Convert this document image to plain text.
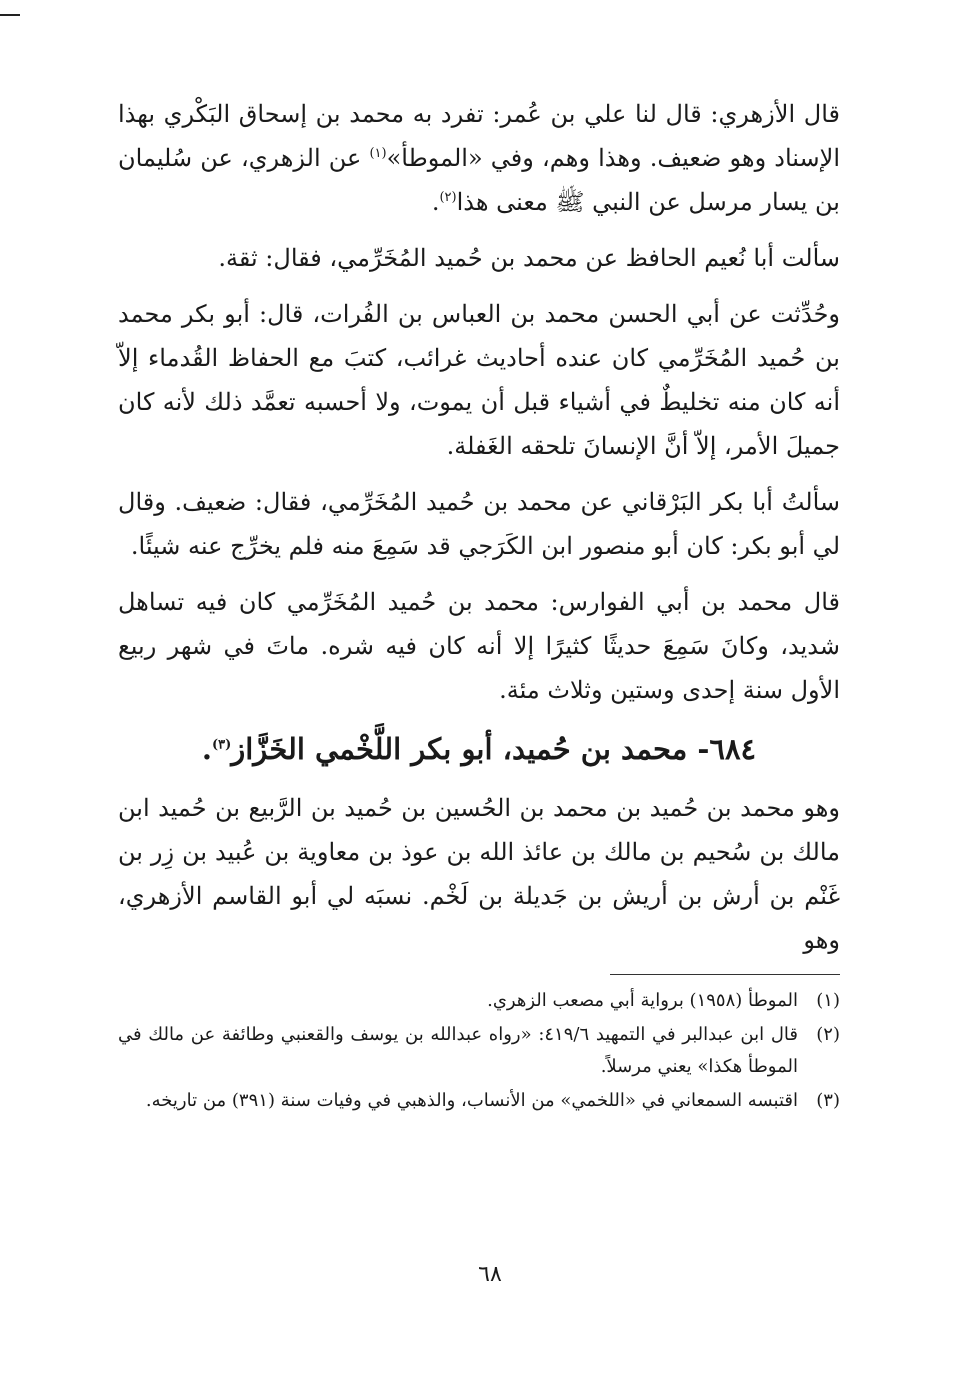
قال الأزهري: قال لنا علي بن عُمر: تفرد به محمد بن إسحاق البَكْري بهذا الإسناد وهو ضعيف. وهذا وهم، وفي «الموطأ»$^{(١)}$ عن الزهري، عن سُليمان بن يسار مرسل عن النبي ﷺ معنى هذا$^{(٢)}$.

سألت أبا نُعيم الحافظ عن محمد بن حُميد المُخَرِّمي، فقال: ثقة.

وحُدِّثت عن أبي الحسن محمد بن العباس بن الفُرات، قال: أبو بكر محمد بن حُميد المُخَرِّمي كان عنده أحاديث غرائب، كتبَ مع الحفاظ القُدماء إلاّ أنه كان منه تخليطٌ في أشياء قبل أن يموت، ولا أحسبه تعمَّد ذلك لأنه كان جميلَ الأمر، إلاّ أنَّ الإنسانَ تلحقه الغَفلة.

سألتُ أبا بكر البَرْقاني عن محمد بن حُميد المُخَرِّمي، فقال: ضعيف. وقال لي أبو بكر: كان أبو منصور ابن الكَرَجي قد سَمِعَ منه فلم يخرِّج عنه شيئًا.

قال محمد بن أبي الفوارس: محمد بن حُميد المُخَرِّمي كان فيه تساهل شديد، وكانَ سَمِعَ حديثًا كثيرًا إلا أنه كان فيه شره. ماتَ في شهر ربيع الأول سنة إحدى وستين وثلاث مئة.

٦٨٤- محمد بن حُميد، أبو بكر اللَّخْمي الخَزَّاز$^{(٣)}$.

وهو محمد بن حُميد بن محمد بن الحُسين بن حُميد بن الرَّبيع بن حُميد ابن مالك بن سُحيم بن مالك بن عائذ الله بن عوذ بن معاوية بن عُبيد بن زِر بن غَنْم بن أرش بن أريش بن جَديلة بن لَخْم. نسبَه لي أبو القاسم الأزهري، وهو

(١)
الموطأ (١٩٥٨) برواية أبي مصعب الزهري.
(٢)
قال ابن عبدالبر في التمهيد ٤١٩/٦: «رواه عبدالله بن يوسف والقعنبي وطائفة عن مالك في الموطأ هكذا» يعني مرسلاً.
(٣)
اقتبسه السمعاني في «اللخمي» من الأنساب، والذهبي في وفيات سنة (٣٩١) من تاريخه.
٦٨
